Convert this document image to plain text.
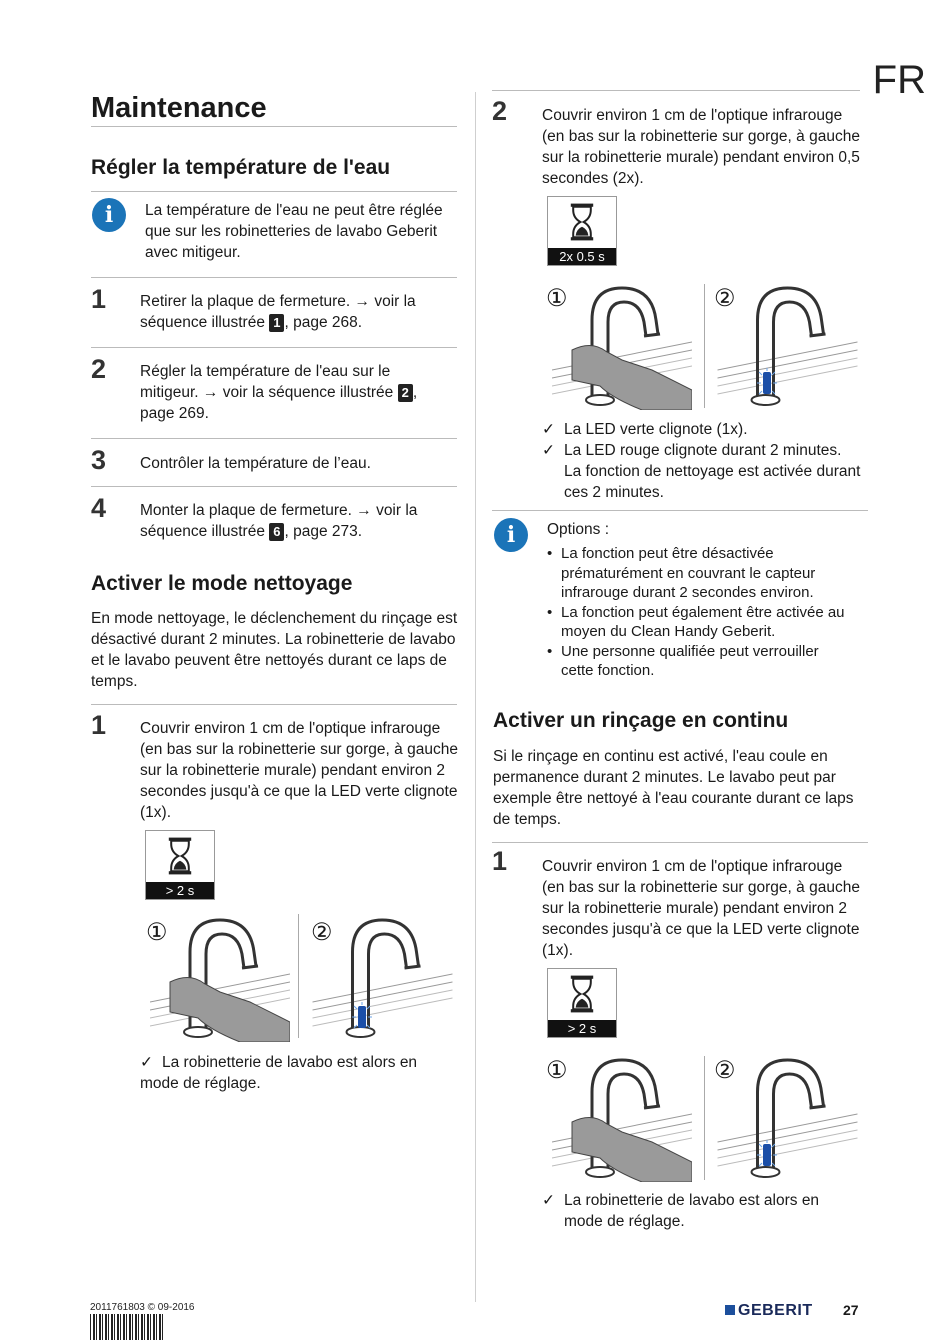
FR
Maintenance
Régler la température de l'eau
i	La température de l'eau ne peut être réglée que sur les robinetteries de lavabo Geberit avec mitigeur.
1 Retirer la plaque de fermeture. → voir la séquence illustrée 1 , page 268.
2 Régler la température de l'eau sur le mitigeur. → voir la séquence illustrée 2 , page 269.
3 Contrôler la température de l’eau.
4 Monter la plaque de fermeture. → voir la séquence illustrée 6 , page 273.
Activer le mode nettoyage
En mode nettoyage, le déclenchement du rinçage est désactivé durant 2 minutes. La robinetterie de lavabo et le lavabo peuvent être nettoyés durant ce laps de temps.
1 Couvrir environ 1 cm de l'optique infrarouge (en bas sur la robinetterie sur gorge, à gauche sur la robinetterie murale) pendant environ 2 secondes jusqu'à ce que la LED verte clignote (1x).
> 2 s
①	②
✓ La robinetterie de lavabo est alors en mode de réglage.
2 Couvrir environ 1 cm de l'optique infrarouge (en bas sur la robinetterie sur gorge, à gauche sur la robinetterie murale) pendant environ 0,5 secondes (2x).
2x 0.5 s
①	②
✓ La LED verte clignote (1x).
✓ La LED rouge clignote durant 2 minutes. La fonction de nettoyage est activée durant ces 2 minutes.
i	Options :
• La fonction peut être désactivée prématurément en couvrant le capteur infrarouge durant 2 secondes environ.
• La fonction peut également être activée au moyen du Clean Handy Geberit.
• Une personne qualifiée peut verrouiller cette fonction.
Activer un rinçage en continu
Si le rinçage en continu est activé, l'eau coule en permanence durant 2 minutes. Le lavabo peut par exemple être nettoyé à l'eau courante durant ce laps de temps.
1 Couvrir environ 1 cm de l'optique infrarouge (en bas sur la robinetterie sur gorge, à gauche sur la robinetterie murale) pendant environ 2 secondes jusqu'à ce que la LED verte clignote (1x).
> 2 s
①	②
✓ La robinetterie de lavabo est alors en mode de réglage.
2011761803 © 09-2016	GEBERIT 27
